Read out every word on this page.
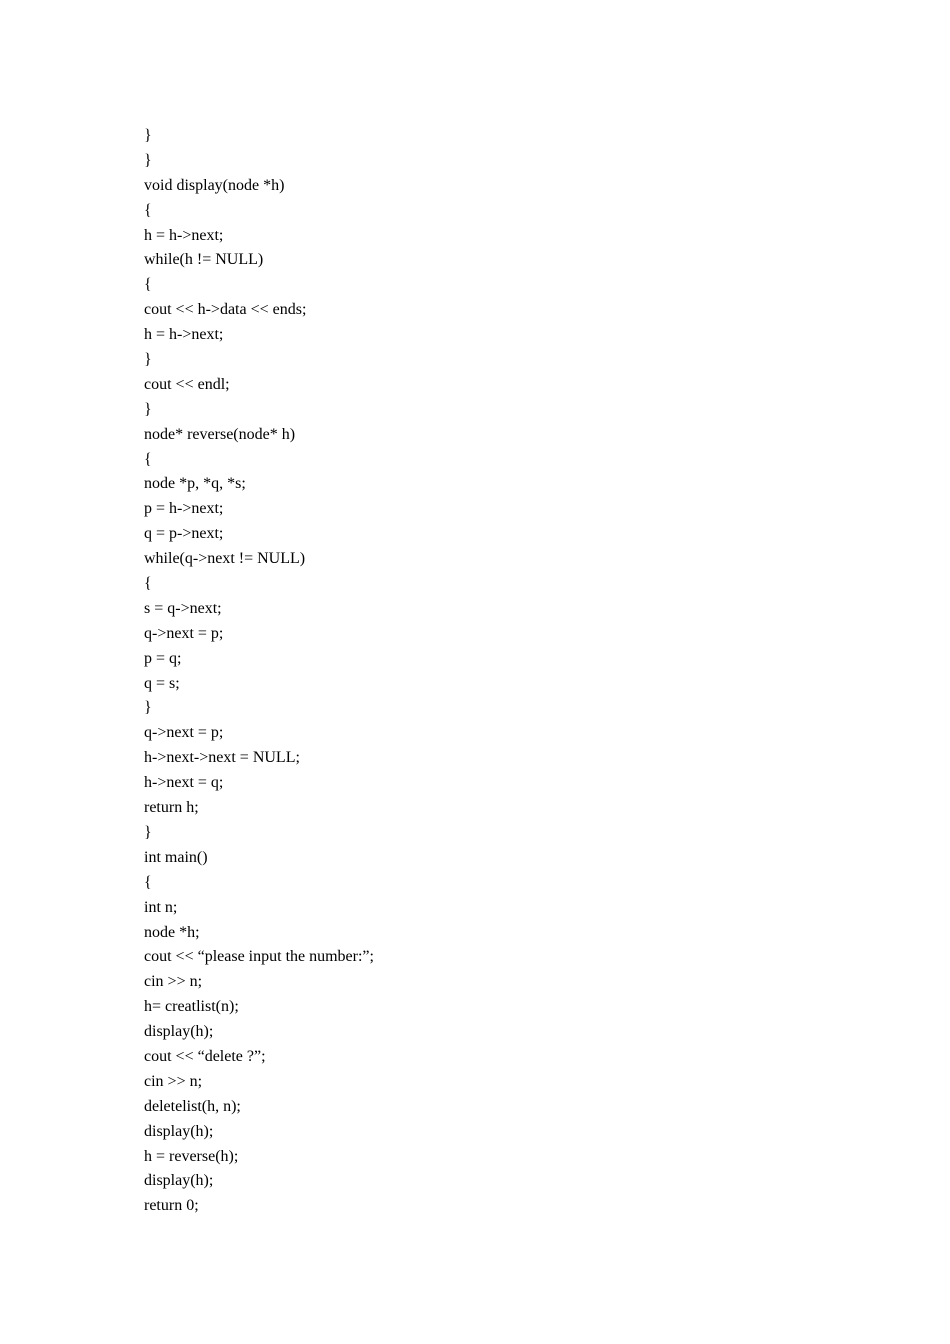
}
}
void display(node *h)
{
h = h->next;
while(h != NULL)
{
cout << h->data << ends;
h = h->next;
}
cout << endl;
}
node* reverse(node* h)
{
node *p, *q, *s;
p = h->next;
q = p->next;
while(q->next != NULL)
{
s = q->next;
q->next = p;
p = q;
q = s;
}
q->next = p;
h->next->next = NULL;
h->next = q;
return h;
}
int main()
{
int n;
node *h;
cout << “please input the number:”;
cin >> n;
h= creatlist(n);
display(h);
cout << “delete ?”;
cin >> n;
deletelist(h, n);
display(h);
h = reverse(h);
display(h);
return 0;
